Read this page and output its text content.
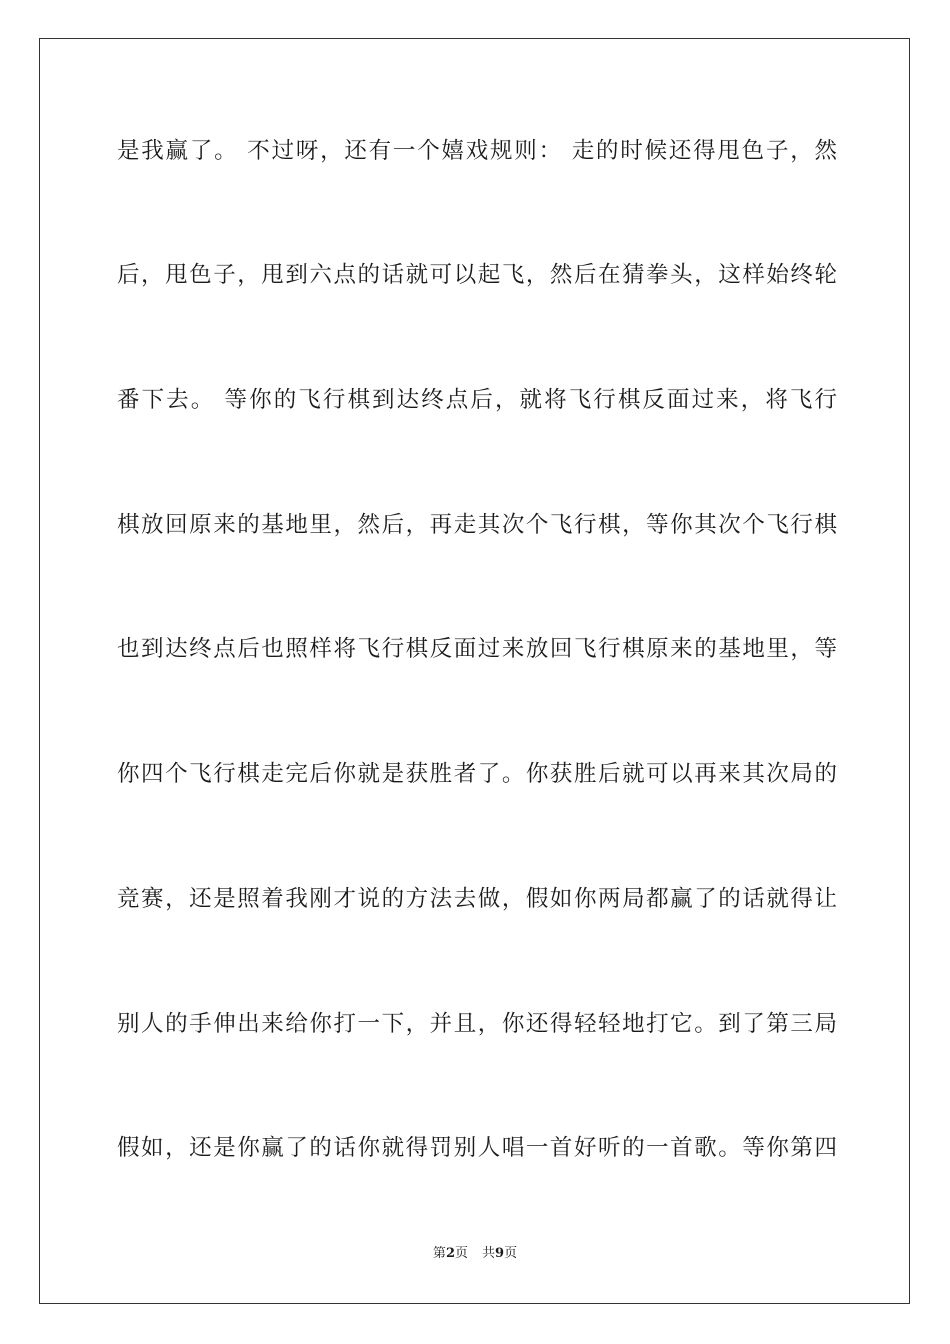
是我赢了。 不过呀，还有一个嬉戏规则： 走的时候还得甩色子，然
后，甩色子，甩到六点的话就可以起飞，然后在猜拳头，这样始终轮
番下去。 等你的飞行棋到达终点后，就将飞行棋反面过来，将飞行
棋放回原来的基地里，然后，再走其次个飞行棋，等你其次个飞行棋
也到达终点后也照样将飞行棋反面过来放回飞行棋原来的基地里，等
你四个飞行棋走完后你就是获胜者了。你获胜后就可以再来其次局的
竞赛，还是照着我刚才说的方法去做，假如你两局都赢了的话就得让
别人的手伸出来给你打一下，并且，你还得轻轻地打它。到了第三局
假如，还是你赢了的话你就得罚别人唱一首好听的一首歌。等你第四
第2页 共9页
